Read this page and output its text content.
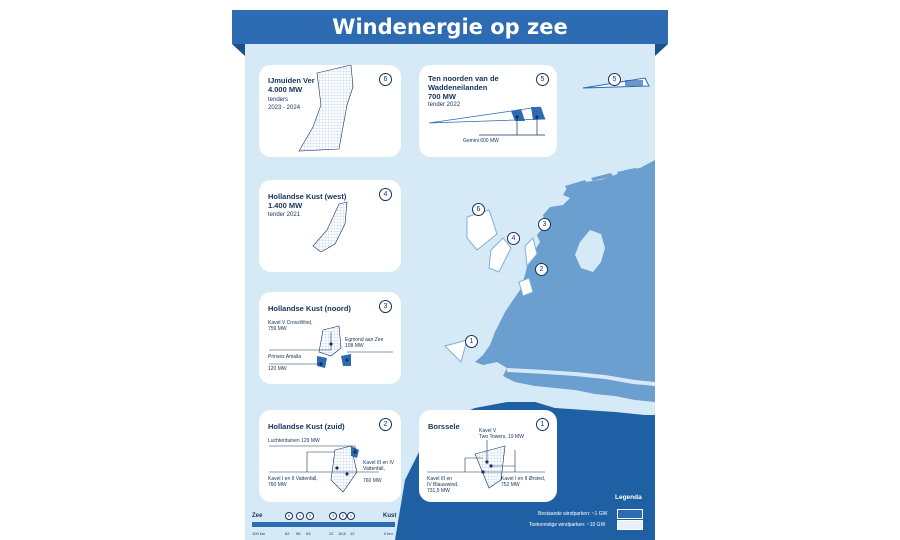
Windenergie op zee
IJmuiden Ver
4.000 MW
tenders
2023 - 2024
6	Ten noorden van de
Waddeneilanden
700 MW
tender 2022
Gemini 600 MW
5
Hollandse Kust (west)
1.400 MW
tender 2021
4
Hollandse Kust (noord)
Kavel V CrossWind,
759 MW
Egmond aan Zee
108 MW
Prinses Amalia
120 MW
3
Hollandse Kust (zuid)
Luchterduinen 129 MW
Kavel I en II Vattenfall,
760 MW
Kavel III en IV
Vattenfall,
760 MW
2	Borssele	Kavel V
Two Towers, 19 MW
Kavel III en
IV Blauwwind,
731,5 MW
Kavel I en II Ørsted,
752 MW
1
5
6
3
4
2
1
Legenda
Bestaande windparken: ~1 GW
Toekomstige windparken: ~10 GW
Zee	Kust
100 km	0 km
6	4	5	3	2	1
62 56 53	22 18,5 12
